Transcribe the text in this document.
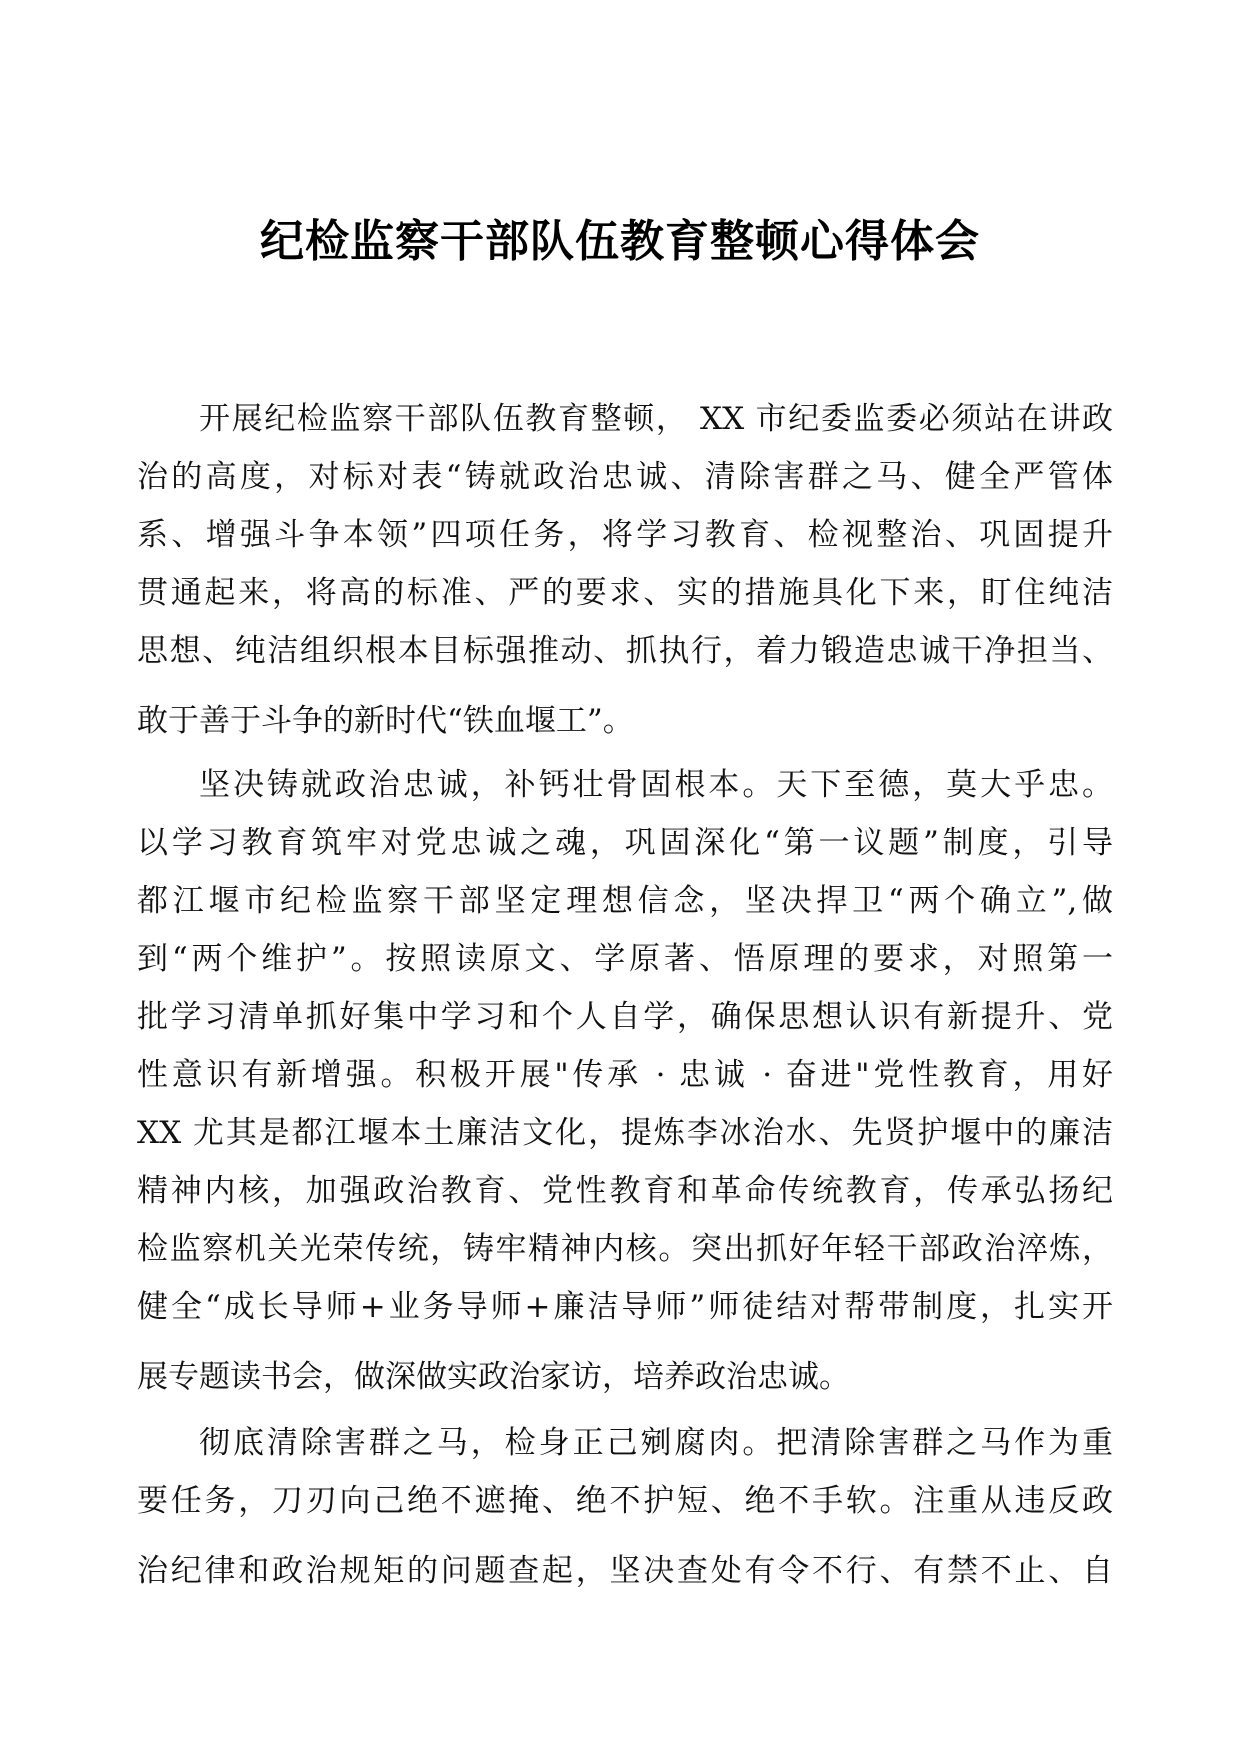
纪检监察干部队伍教育整顿心得体会
开展纪检监察干部队伍教育整顿， XX 市纪委监委必须站在讲政
治的高度，对标对表“铸就政治忠诚、清除害群之马、健全严管体
系、增强斗争本领”四项任务，将学习教育、检视整治、巩固提升
贯通起来，将高的标准、严的要求、实的措施具化下来，盯住纯洁
思想、纯洁组织根本目标强推动、抓执行，着力锻造忠诚干净担当、
敢于善于斗争的新时代“铁血堰工”。
坚决铸就政治忠诚，补钙壮骨固根本。天下至德，莫大乎忠。
以学习教育筑牢对党忠诚之魂，巩固深化“第一议题”制度，引导
都江堰市纪检监察干部坚定理想信念，坚决捍卫“两个确立”,做
到“两个维护”。按照读原文、学原著、悟原理的要求，对照第一
批学习清单抓好集中学习和个人自学，确保思想认识有新提升、党
性意识有新增强。积极开展"传承 · 忠诚 · 奋进"党性教育，用好
XX 尤其是都江堰本土廉洁文化，提炼李冰治水、先贤护堰中的廉洁
精神内核，加强政治教育、党性教育和革命传统教育，传承弘扬纪
检监察机关光荣传统，铸牢精神内核。突出抓好年轻干部政治淬炼，
健全“成长导师+业务导师+廉洁导师”师徒结对帮带制度，扎实开
展专题读书会，做深做实政治家访，培养政治忠诚。
彻底清除害群之马，检身正己剜腐肉。把清除害群之马作为重
要任务，刀刃向己绝不遮掩、绝不护短、绝不手软。注重从违反政
治纪律和政治规矩的问题查起，坚决查处有令不行、有禁不止、自
